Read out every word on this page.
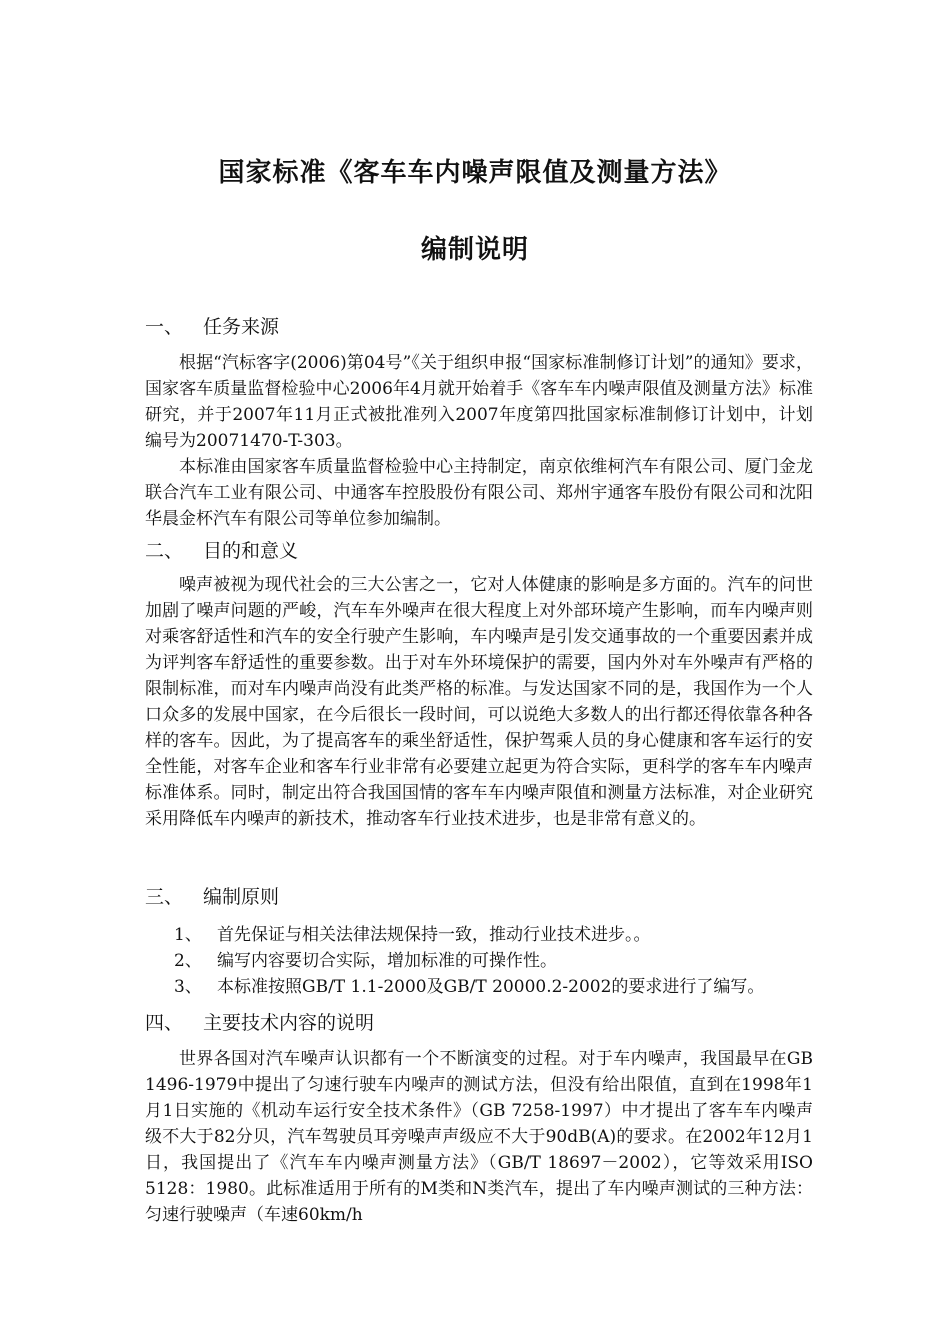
国家标准《客车车内噪声限值及测量方法》
编制说明
一、 任务来源
根据“汽标客字(2006)第04号”《关于组织申报“国家标准制修订计划”的通知》要求， 国家客车质量监督检验中心2006年4月就开始着手《客车车内噪声限值及测量方法》标准研究，并于2007年11月正式被批准列入2007年度第四批国家标准制修订计划中，计划编号为20071470-T-303。
本标准由国家客车质量监督检验中心主持制定，南京依维柯汽车有限公司、厦门金龙联合汽车工业有限公司、中通客车控股股份有限公司、郑州宇通客车股份有限公司和沈阳华晨金杯汽车有限公司等单位参加编制。
二、 目的和意义
噪声被视为现代社会的三大公害之一，它对人体健康的影响是多方面的。汽车的问世加剧了噪声问题的严峻，汽车车外噪声在很大程度上对外部环境产生影响，而车内噪声则对乘客舒适性和汽车的安全行驶产生影响，车内噪声是引发交通事故的一个重要因素并成为评判客车舒适性的重要参数。出于对车外环境保护的需要，国内外对车外噪声有严格的限制标准，而对车内噪声尚没有此类严格的标准。与发达国家不同的是，我国作为一个人口众多的发展中国家，在今后很长一段时间，可以说绝大多数人的出行都还得依靠各种各样的客车。因此，为了提高客车的乘坐舒适性，保护驾乘人员的身心健康和客车运行的安全性能，对客车企业和客车行业非常有必要建立起更为符合实际，更科学的客车车内噪声标准体系。同时，制定出符合我国国情的客车车内噪声限值和测量方法标准，对企业研究采用降低车内噪声的新技术，推动客车行业技术进步，也是非常有意义的。
三、 编制原则
1、 首先保证与相关法律法规保持一致，推动行业技术进步。。
2、 编写内容要切合实际，增加标准的可操作性。
3、 本标准按照GB/T 1.1-2000及GB/T 20000.2-2002的要求进行了编写。
四、 主要技术内容的说明
世界各国对汽车噪声认识都有一个不断演变的过程。对于车内噪声，我国最早在GB 1496-1979中提出了匀速行驶车内噪声的测试方法，但没有给出限值，直到在1998年1月1日实施的《机动车运行安全技术条件》（GB 7258-1997）中才提出了客车车内噪声级不大于82分贝，汽车驾驶员耳旁噪声声级应不大于90dB(A)的要求。在2002年12月1日，我国提出了《汽车车内噪声测量方法》（GB/T 18697－2002），它等效采用ISO 5128：1980。此标准适用于所有的M类和N类汽车，提出了车内噪声测试的三种方法：匀速行驶噪声（车速60km/h
